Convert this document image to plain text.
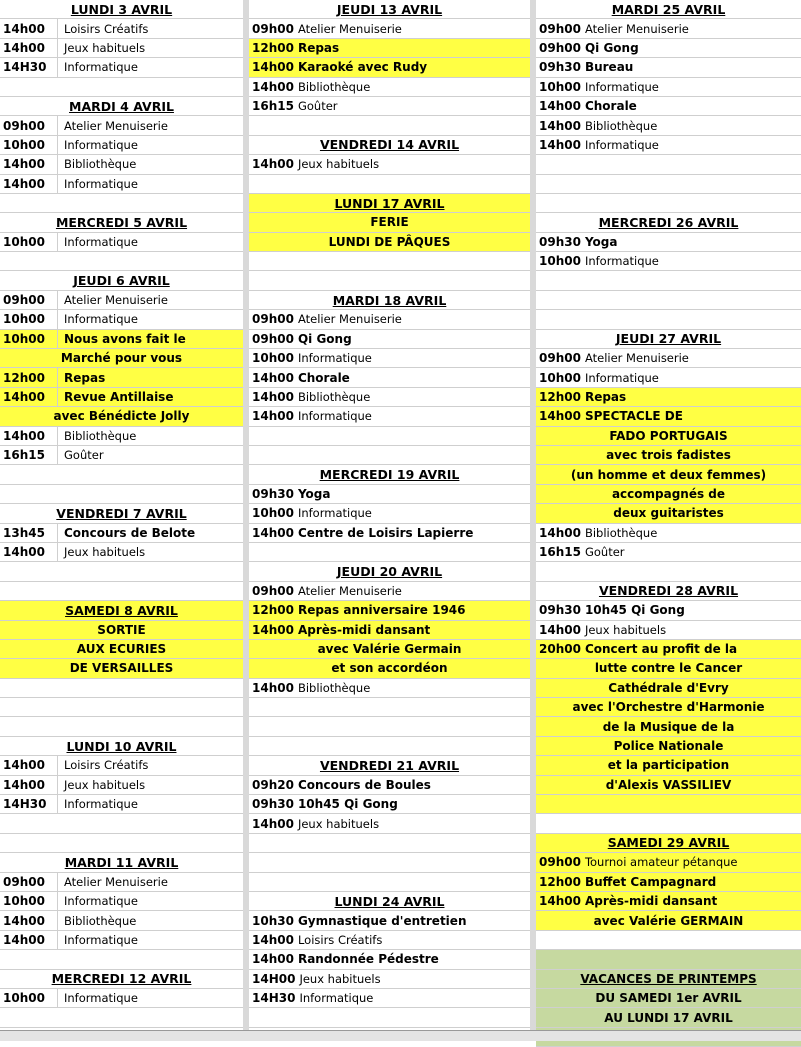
LUNDI 3 AVRIL
14h00	Loisirs Créatifs
14h00	Jeux habituels
14H30	Informatique
MARDI 4 AVRIL
09h00	Atelier Menuiserie
10h00	Informatique
14h00	Bibliothèque
14h00	Informatique
MERCREDI 5 AVRIL
10h00	Informatique
JEUDI 6 AVRIL
09h00	Atelier Menuiserie
10h00	Informatique
10h00	Nous avons fait le
Marché pour vous
12h00	Repas
14h00	Revue Antillaise
avec Bénédicte Jolly
14h00	Bibliothèque
16h15	Goûter
VENDREDI 7 AVRIL
13h45	Concours de Belote
14h00	Jeux habituels
SAMEDI 8 AVRIL
SORTIE
AUX ECURIES
DE VERSAILLES
LUNDI 10 AVRIL
14h00	Loisirs Créatifs
14h00	Jeux habituels
14H30	Informatique
MARDI 11 AVRIL
09h00	Atelier Menuiserie
10h00	Informatique
14h00	Bibliothèque
14h00	Informatique
MERCREDI 12 AVRIL
10h00	Informatique
JEUDI 13 AVRIL
09h00 Atelier Menuiserie
12h00 Repas
14h00 Karaoké avec Rudy
14h00 Bibliothèque
16h15 Goûter
VENDREDI 14 AVRIL
14h00 Jeux habituels
LUNDI 17 AVRIL
FERIE
LUNDI DE PÂQUES
MARDI 18 AVRIL
09h00 Atelier Menuiserie
09h00 Qi Gong
10h00 Informatique
14h00 Chorale
14h00 Bibliothèque
14h00 Informatique
MERCREDI 19 AVRIL
09h30 Yoga
10h00 Informatique
14h00 Centre de Loisirs Lapierre
JEUDI 20 AVRIL
09h00 Atelier Menuiserie
12h00 Repas anniversaire 1946
14h00 Après-midi dansant
avec Valérie Germain
et son accordéon
14h00 Bibliothèque
VENDREDI 21 AVRIL
09h20 Concours de Boules
09h30 10h45 Qi Gong
14h00 Jeux habituels
LUNDI 24 AVRIL
10h30 Gymnastique d'entretien
14h00 Loisirs Créatifs
14h00 Randonnée Pédestre
14H00 Jeux habituels
14H30 Informatique
MARDI 25 AVRIL
09h00 Atelier Menuiserie
09h00 Qi Gong
09h30 Bureau
10h00 Informatique
14h00 Chorale
14h00 Bibliothèque
14h00 Informatique
MERCREDI 26 AVRIL
09h30 Yoga
10h00 Informatique
JEUDI 27 AVRIL
09h00 Atelier Menuiserie
10h00 Informatique
12h00 Repas
14h00 SPECTACLE DE
FADO PORTUGAIS
avec trois fadistes
(un homme et deux femmes)
accompagnés de
deux guitaristes
14h00 Bibliothèque
16h15 Goûter
VENDREDI 28 AVRIL
09h30 10h45 Qi Gong
14h00 Jeux habituels
20h00 Concert au profit de la
lutte contre le Cancer
Cathédrale d'Evry
avec l'Orchestre d'Harmonie
de la Musique de la
Police Nationale
et la participation
d'Alexis VASSILIEV
SAMEDI 29 AVRIL
09h00 Tournoi amateur pétanque
12h00 Buffet Campagnard
14h00 Après-midi dansant
avec Valérie GERMAIN
VACANCES DE PRINTEMPS
DU SAMEDI 1er AVRIL
AU LUNDI 17 AVRIL
